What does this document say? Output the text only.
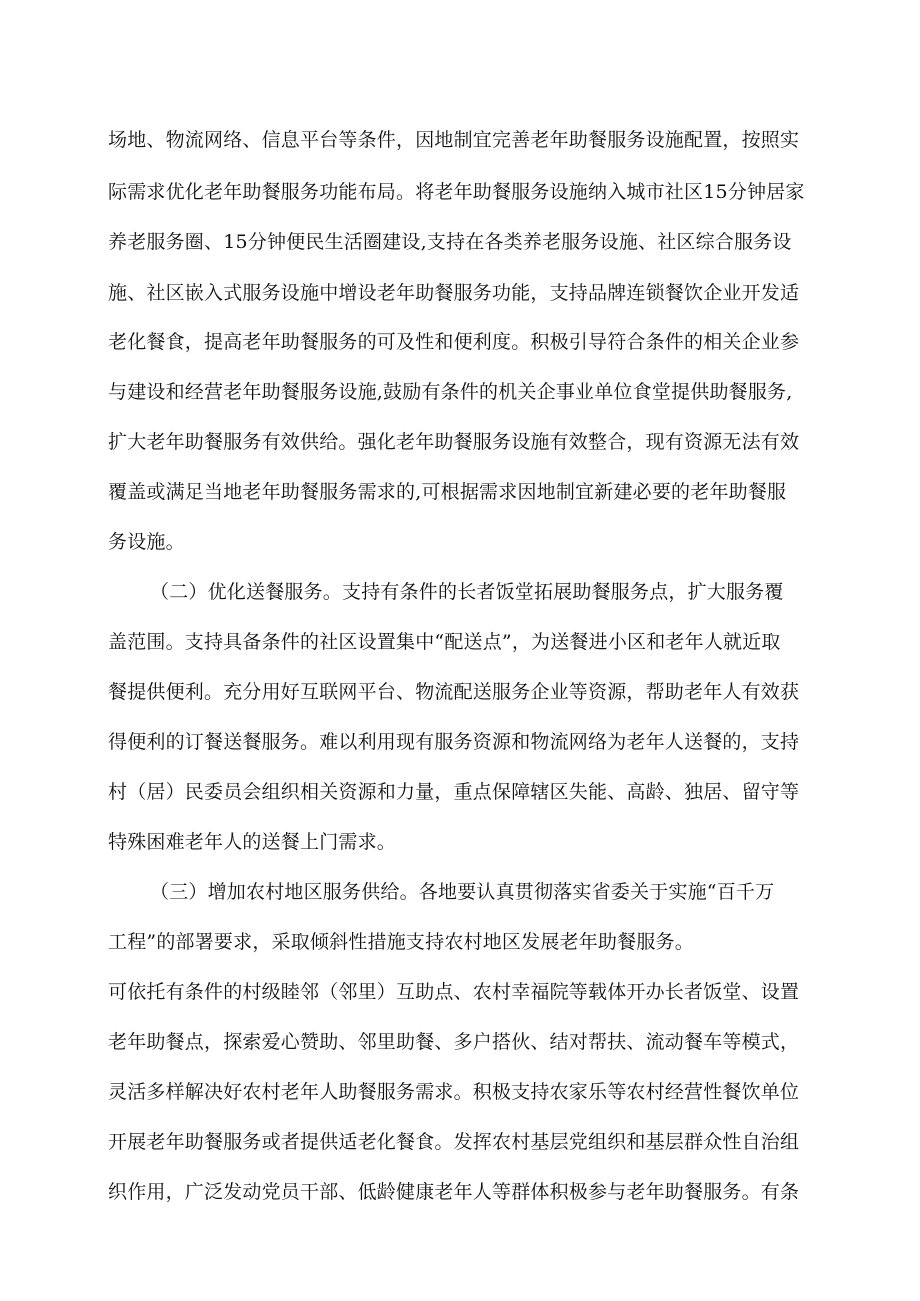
场地、物流网络、信息平台等条件，因地制宜完善老年助餐服务设施配置，按照实
际需求优化老年助餐服务功能布局。将老年助餐服务设施纳入城市社区15分钟居家
养老服务圈、15分钟便民生活圈建设,支持在各类养老服务设施、社区综合服务设
施、社区嵌入式服务设施中增设老年助餐服务功能，支持品牌连锁餐饮企业开发适
老化餐食，提高老年助餐服务的可及性和便利度。积极引导符合条件的相关企业参
与建设和经营老年助餐服务设施,鼓励有条件的机关企事业单位食堂提供助餐服务,
扩大老年助餐服务有效供给。强化老年助餐服务设施有效整合，现有资源无法有效
覆盖或满足当地老年助餐服务需求的,可根据需求因地制宜新建必要的老年助餐服
务设施。
（二）优化送餐服务。支持有条件的长者饭堂拓展助餐服务点，扩大服务覆
盖范围。支持具备条件的社区设置集中“配送点”，为送餐进小区和老年人就近取
餐提供便利。充分用好互联网平台、物流配送服务企业等资源，帮助老年人有效获
得便利的订餐送餐服务。难以利用现有服务资源和物流网络为老年人送餐的，支持
村（居）民委员会组织相关资源和力量，重点保障辖区失能、高龄、独居、留守等
特殊困难老年人的送餐上门需求。
（三）增加农村地区服务供给。各地要认真贯彻落实省委关于实施“百千万
工程”的部署要求，采取倾斜性措施支持农村地区发展老年助餐服务。
可依托有条件的村级睦邻（邻里）互助点、农村幸福院等载体开办长者饭堂、设置
老年助餐点，探索爱心赞助、邻里助餐、多户搭伙、结对帮扶、流动餐车等模式，
灵活多样解决好农村老年人助餐服务需求。积极支持农家乐等农村经营性餐饮单位
开展老年助餐服务或者提供适老化餐食。发挥农村基层党组织和基层群众性自治组
织作用，广泛发动党员干部、低龄健康老年人等群体积极参与老年助餐服务。有条
